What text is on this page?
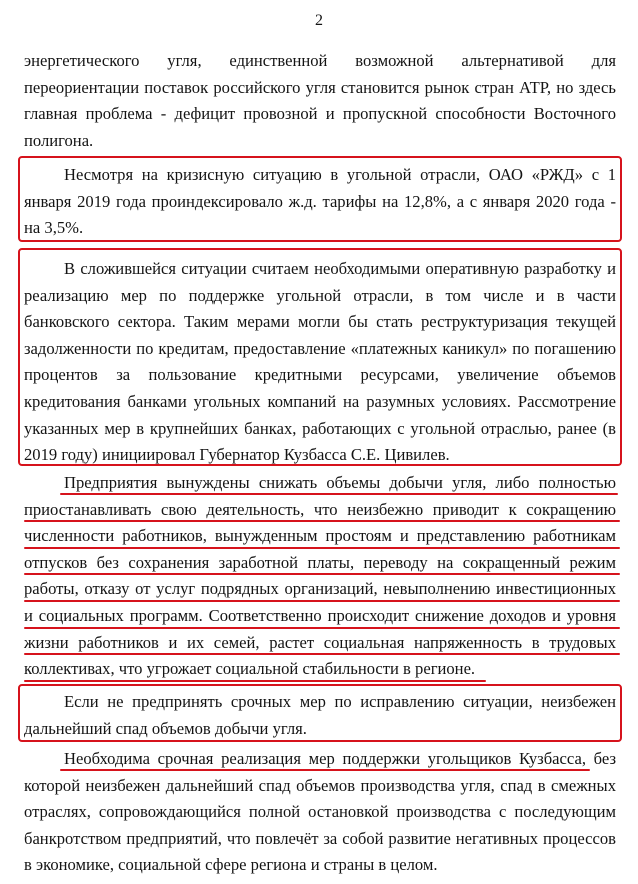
2

энергетического угля, единственной возможной альтернативой для переориентации поставок российского угля становится рынок стран АТР, но здесь главная проблема - дефицит провозной и пропускной способности Восточного полигона.

Несмотря на кризисную ситуацию в угольной отрасли, ОАО «РЖД» с 1 января 2019 года проиндексировало ж.д. тарифы на 12,8%, а с января 2020 года - на 3,5%.

В сложившейся ситуации считаем необходимыми оперативную разработку и реализацию мер по поддержке угольной отрасли, в том числе и в части банковского сектора. Таким мерами могли бы стать реструктуризация текущей задолженности по кредитам, предоставление «платежных каникул» по погашению процентов за пользование кредитными ресурсами, увеличение объемов кредитования банками угольных компаний на разумных условиях. Рассмотрение указанных мер в крупнейших банках, работающих с угольной отраслью, ранее (в 2019 году) инициировал Губернатор Кузбасса С.Е. Цивилев.

Предприятия вынуждены снижать объемы добычи угля, либо полностью приостанавливать свою деятельность, что неизбежно приводит к сокращению численности работников, вынужденным простоям и представлению работникам отпусков без сохранения заработной платы, переводу на сокращенный режим работы, отказу от услуг подрядных организаций, невыполнению инвестиционных и социальных программ. Соответственно происходит снижение доходов и уровня жизни работников и их семей, растет социальная напряженность в трудовых коллективах, что угрожает социальной стабильности в регионе.

Если не предпринять срочных мер по исправлению ситуации, неизбежен дальнейший спад объемов добычи угля.

Необходима срочная реализация мер поддержки угольщиков Кузбасса, без которой неизбежен дальнейший спад объемов производства угля, спад в смежных отраслях, сопровождающийся полной остановкой производства с последующим банкротством предприятий, что повлечёт за собой развитие негативных процессов в экономике, социальной сфере региона и страны в целом.
